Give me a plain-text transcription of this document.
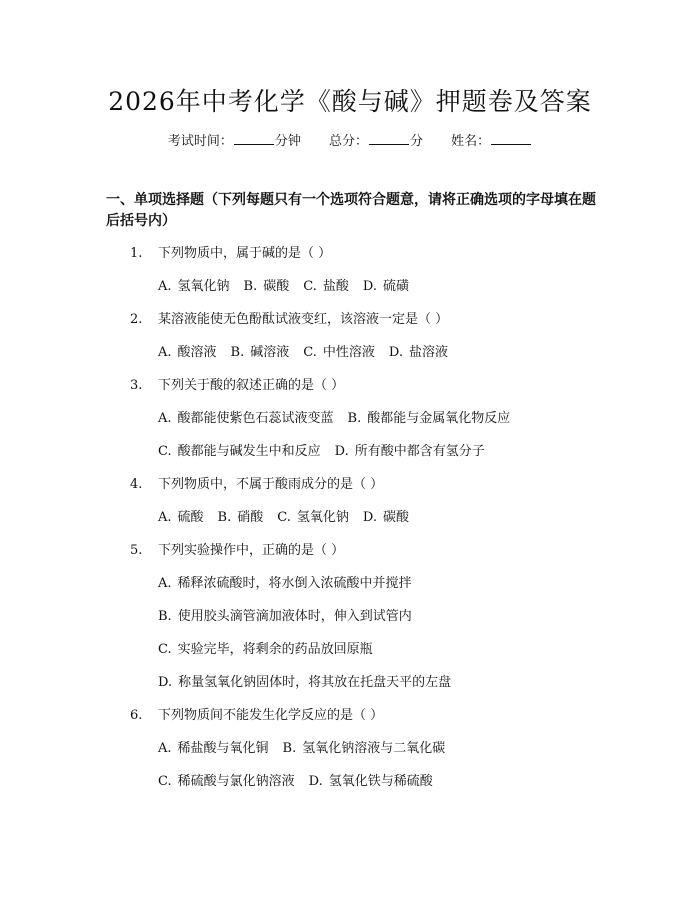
2026年中考化学《酸与碱》押题卷及答案
考试时间：	分钟 总分：	分 姓名：
一、单项选择题（下列每题只有一个选项符合题意，请将正确选项的字母填在题后括号内）
1. 下列物质中，属于碱的是（ ）
A. 氢氧化钠 B. 碳酸 C. 盐酸 D. 硫磺
2. 某溶液能使无色酚酞试液变红，该溶液一定是（ ）
A. 酸溶液 B. 碱溶液 C. 中性溶液 D. 盐溶液
3. 下列关于酸的叙述正确的是（ ）
A. 酸都能使紫色石蕊试液变蓝 B. 酸都能与金属氧化物反应
C. 酸都能与碱发生中和反应 D. 所有酸中都含有氢分子
4. 下列物质中，不属于酸雨成分的是（ ）
A. 硫酸 B. 硝酸 C. 氢氧化钠 D. 碳酸
5. 下列实验操作中，正确的是（ ）
A. 稀释浓硫酸时，将水倒入浓硫酸中并搅拌
B. 使用胶头滴管滴加液体时，伸入到试管内
C. 实验完毕，将剩余的药品放回原瓶
D. 称量氢氧化钠固体时，将其放在托盘天平的左盘
6. 下列物质间不能发生化学反应的是（ ）
A. 稀盐酸与氧化铜 B. 氢氧化钠溶液与二氧化碳
C. 稀硫酸与氯化钠溶液 D. 氢氧化铁与稀硫酸
